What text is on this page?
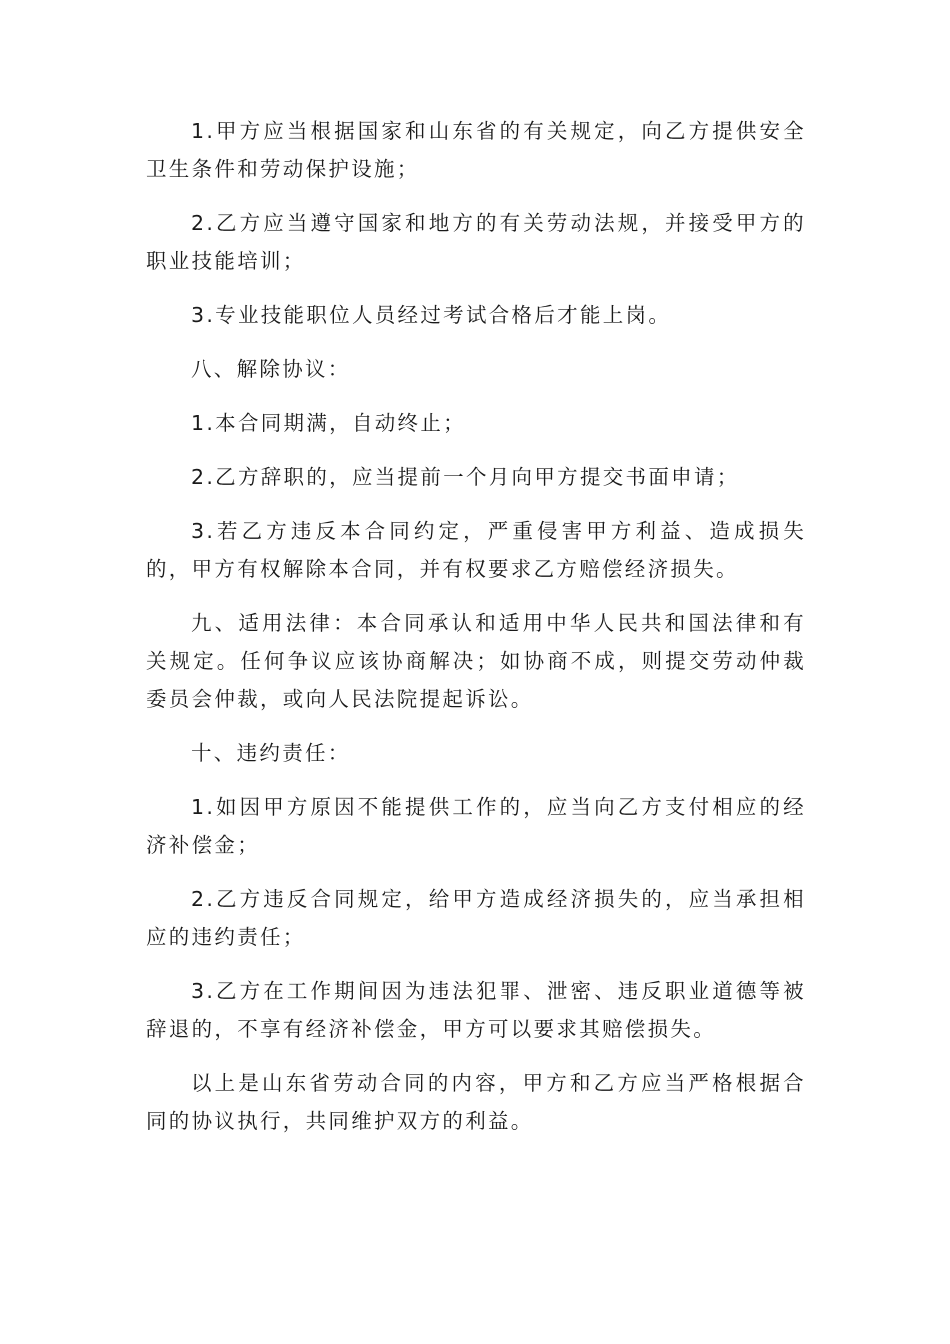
1.甲方应当根据国家和山东省的有关规定，向乙方提供安全卫生条件和劳动保护设施；

2.乙方应当遵守国家和地方的有关劳动法规，并接受甲方的职业技能培训；

3.专业技能职位人员经过考试合格后才能上岗。

八、解除协议：

1.本合同期满，自动终止；

2.乙方辞职的，应当提前一个月向甲方提交书面申请；

3.若乙方违反本合同约定，严重侵害甲方利益、造成损失的，甲方有权解除本合同，并有权要求乙方赔偿经济损失。

九、适用法律：本合同承认和适用中华人民共和国法律和有关规定。任何争议应该协商解决；如协商不成，则提交劳动仲裁委员会仲裁，或向人民法院提起诉讼。

十、违约责任：

1.如因甲方原因不能提供工作的，应当向乙方支付相应的经济补偿金；

2.乙方违反合同规定，给甲方造成经济损失的，应当承担相应的违约责任；

3.乙方在工作期间因为违法犯罪、泄密、违反职业道德等被辞退的，不享有经济补偿金，甲方可以要求其赔偿损失。

以上是山东省劳动合同的内容，甲方和乙方应当严格根据合同的协议执行，共同维护双方的利益。
